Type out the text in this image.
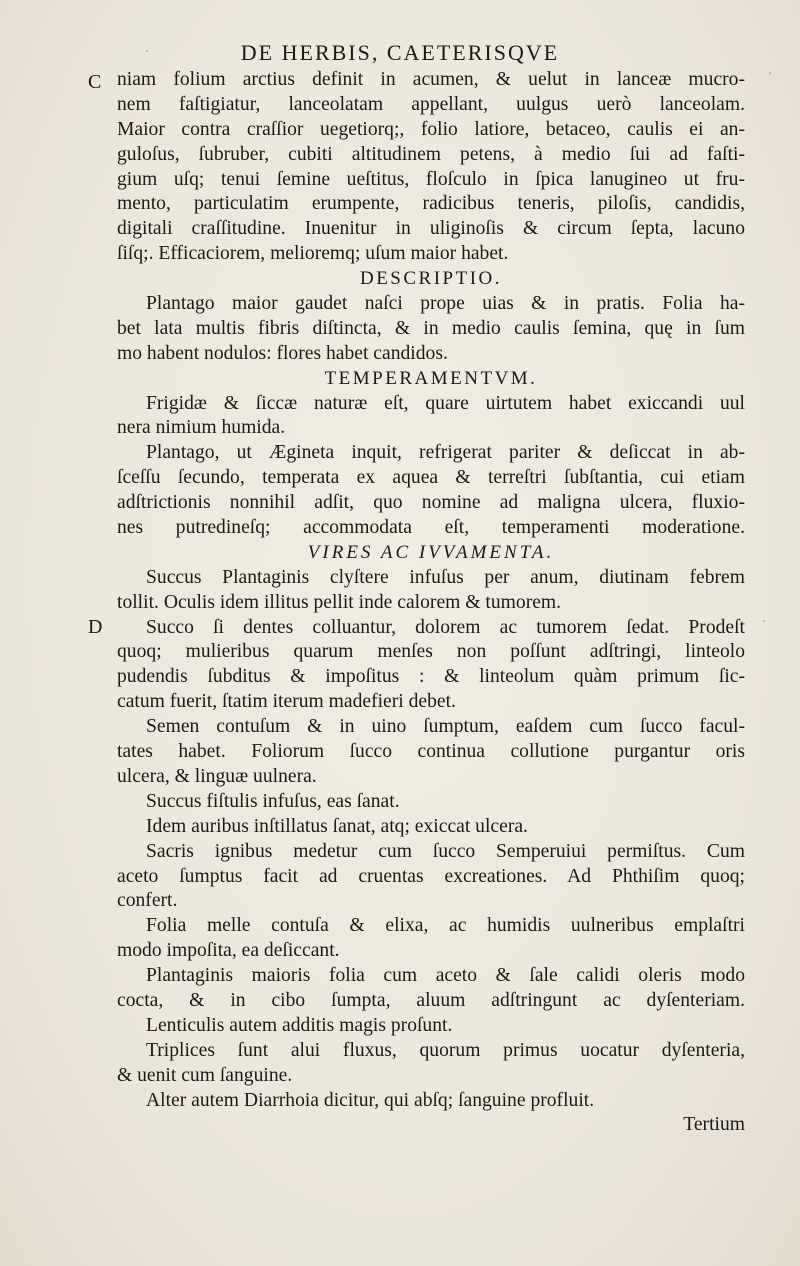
DE HERBIS, CAETERISQVE
C
D
·
·
·
niam folium arctius definit in acumen, & uelut in lanceæ mucro-
nem faſtigiatur, lanceolatam appellant, uulgus uerò lanceolam.
Maior contra craſſior uegetiorq;, folio latiore, betaceo, caulis ei an-
guloſus, ſubruber, cubiti altitudinem petens, à medio ſui ad faſti-
gium uſq; tenui ſemine ueſtitus, floſculo in ſpica lanugineo ut fru-
mento, particulatim erumpente, radicibus teneris, piloſis, candidis,
digitali craſſitudine. Inuenitur in uliginoſis & circum ſepta, lacuno
ſiſq;. Efficaciorem, melioremq; uſum maior habet.
DESCRIPTIO.
Plantago maior gaudet naſci prope uias & in pratis. Folia ha-
bet lata multis fibris diſtincta, & in medio caulis ſemina, quę in ſum
mo habent nodulos: flores habet candidos.
TEMPERAMENTVM.
Frigidæ & ſiccæ naturæ eſt, quare uirtutem habet exiccandi uul
nera nimium humida.
Plantago, ut Ægineta inquit, refrigerat pariter & deſiccat in ab-
ſceſſu ſecundo, temperata ex aquea & terreſtri ſubſtantia, cui etiam
adſtrictionis nonnihil adſit, quo nomine ad maligna ulcera, fluxio-
nes putredineſq; accommodata eſt, temperamenti moderatione.
VIRES AC IVVAMENTA.
Succus Plantaginis clyſtere infuſus per anum, diutinam febrem
tollit. Oculis idem illitus pellit inde calorem & tumorem.
Succo ſi dentes colluantur, dolorem ac tumorem ſedat. Prodeſt
quoq; mulieribus quarum menſes non poſſunt adſtringi, linteolo
pudendis ſubditus & impoſitus : & linteolum quàm primum ſic-
catum fuerit, ſtatim iterum madefieri debet.
Semen contuſum & in uino ſumptum, eaſdem cum ſucco facul-
tates habet. Foliorum ſucco continua collutione purgantur oris
ulcera, & linguæ uulnera.
Succus fiſtulis infuſus, eas ſanat.
Idem auribus inſtillatus ſanat, atq; exiccat ulcera.
Sacris ignibus medetur cum ſucco Semperuiui permiſtus. Cum
aceto ſumptus facit ad cruentas excreationes. Ad Phthiſim quoq;
confert.
Folia melle contuſa & elixa, ac humidis uulneribus emplaſtri
modo impoſita, ea deſiccant.
Plantaginis maioris folia cum aceto & ſale calidi oleris modo
cocta, & in cibo ſumpta, aluum adſtringunt ac dyſenteriam.
Lenticulis autem additis magis proſunt.
Triplices ſunt alui fluxus, quorum primus uocatur dyſenteria,
& uenit cum ſanguine.
Alter autem Diarrhoia dicitur, qui abſq; ſanguine profluit.
Tertium
